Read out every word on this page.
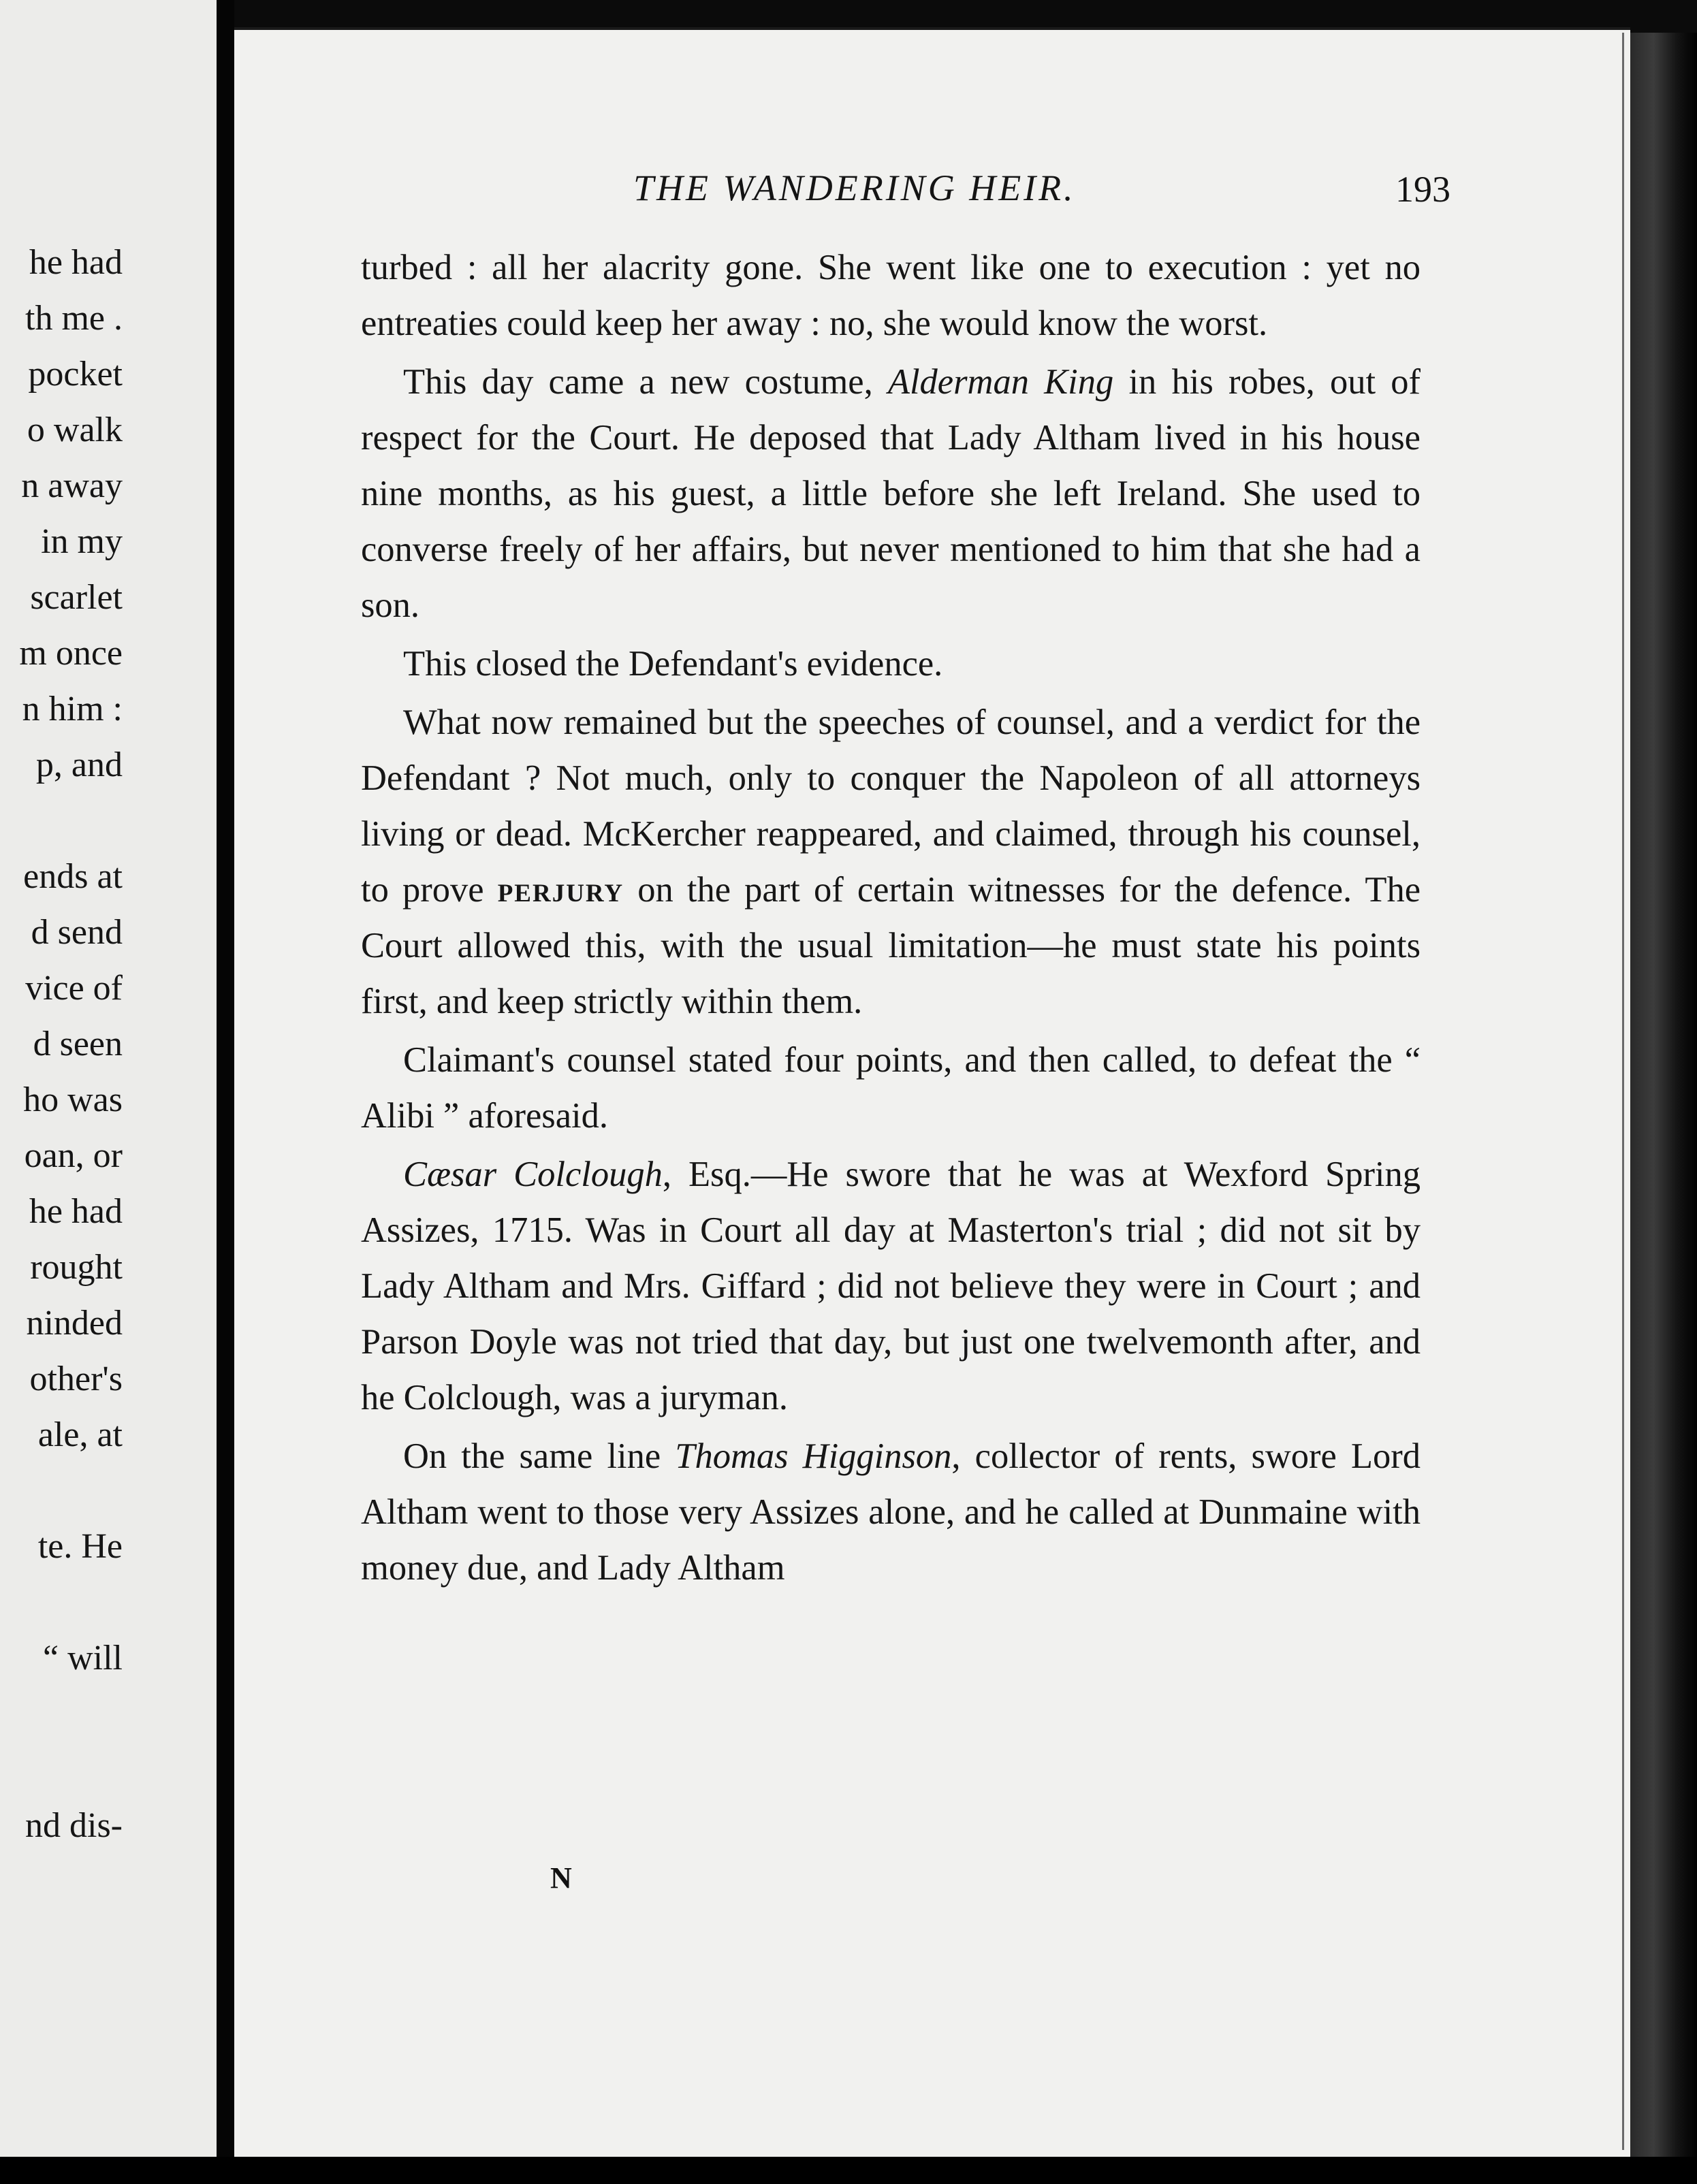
he had
th me .
pocket
o walk
n away
in my
scarlet
m once
n him :
p, and
ends at
d send
vice of
d seen
ho was
oan, or
he had
rought
ninded
other's
ale, at
te. He
“ will
nd dis-
THE WANDERING HEIR.	193

turbed : all her alacrity gone. She went like one to execution : yet no entreaties could keep her away : no, she would know the worst.

This day came a new costume, Alderman King in his robes, out of respect for the Court. He deposed that Lady Altham lived in his house nine months, as his guest, a little before she left Ireland. She used to converse freely of her affairs, but never mentioned to him that she had a son.

This closed the Defendant's evidence.

What now remained but the speeches of counsel, and a verdict for the Defendant ? Not much, only to conquer the Napoleon of all attorneys living or dead. McKercher reappeared, and claimed, through his counsel, to prove perjury on the part of certain witnesses for the defence. The Court allowed this, with the usual limitation—he must state his points first, and keep strictly within them.

Claimant's counsel stated four points, and then called, to defeat the “ Alibi ” aforesaid.

Cæsar Colclough, Esq.—He swore that he was at Wexford Spring Assizes, 1715. Was in Court all day at Masterton's trial ; did not sit by Lady Altham and Mrs. Giffard ; did not believe they were in Court ; and Parson Doyle was not tried that day, but just one twelvemonth after, and he Colclough, was a juryman.

On the same line Thomas Higginson, collector of rents, swore Lord Altham went to those very Assizes alone, and he called at Dunmaine with money due, and Lady Altham

N
